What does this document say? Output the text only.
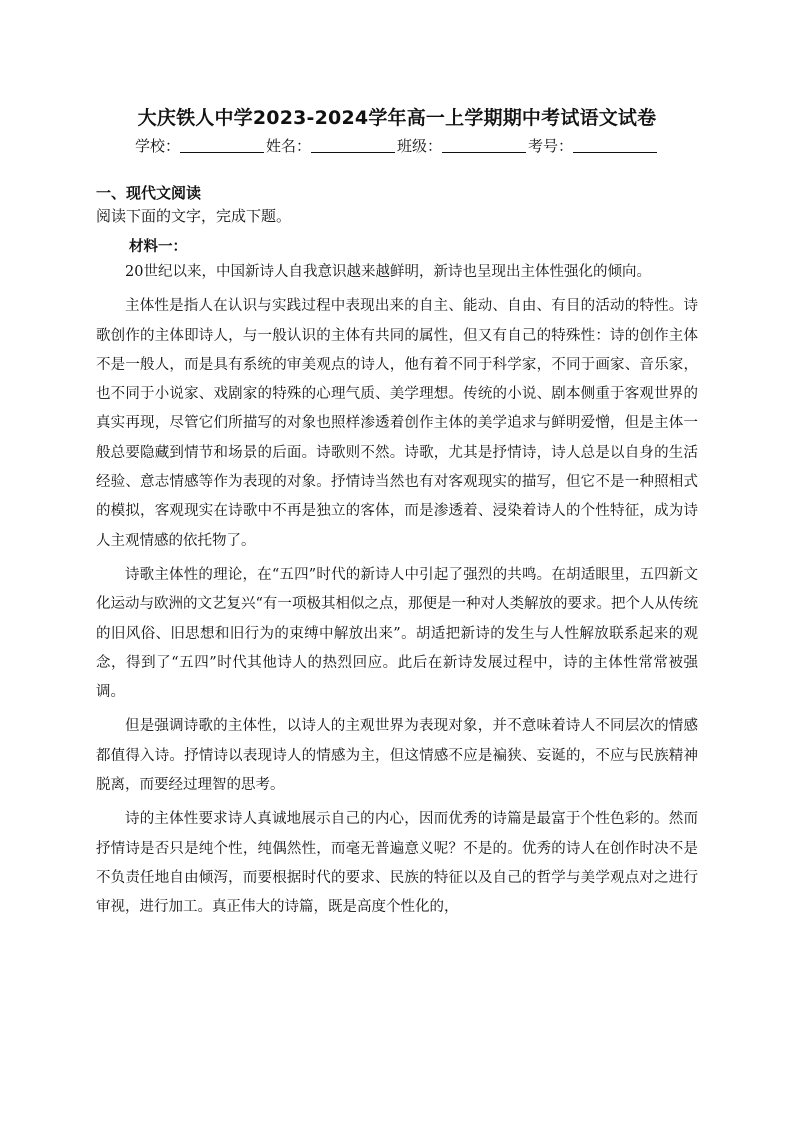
大庆铁人中学2023-2024学年高一上学期期中考试语文试卷
学校：	姓名：	班级：	考号：
一、现代文阅读

阅读下面的文字，完成下题。

材料一：

20世纪以来，中国新诗人自我意识越来越鲜明，新诗也呈现出主体性强化的倾向。

主体性是指人在认识与实践过程中表现出来的自主、能动、自由、有目的活动的特性。诗歌创作的主体即诗人，与一般认识的主体有共同的属性，但又有自己的特殊性：诗的创作主体不是一般人，而是具有系统的审美观点的诗人，他有着不同于科学家，不同于画家、音乐家，也不同于小说家、戏剧家的特殊的心理气质、美学理想。传统的小说、剧本侧重于客观世界的真实再现，尽管它们所描写的对象也照样渗透着创作主体的美学追求与鲜明爱憎，但是主体一般总要隐藏到情节和场景的后面。诗歌则不然。诗歌，尤其是抒情诗，诗人总是以自身的生活经验、意志情感等作为表现的对象。抒情诗当然也有对客观现实的描写，但它不是一种照相式的模拟，客观现实在诗歌中不再是独立的客体，而是渗透着、浸染着诗人的个性特征，成为诗人主观情感的依托物了。

诗歌主体性的理论，在“五四”时代的新诗人中引起了强烈的共鸣。在胡适眼里，五四新文化运动与欧洲的文艺复兴“有一项极其相似之点，那便是一种对人类解放的要求。把个人从传统的旧风俗、旧思想和旧行为的束缚中解放出来”。胡适把新诗的发生与人性解放联系起来的观念，得到了“五四”时代其他诗人的热烈回应。此后在新诗发展过程中，诗的主体性常常被强调。

但是强调诗歌的主体性，以诗人的主观世界为表现对象，并不意味着诗人不同层次的情感都值得入诗。抒情诗以表现诗人的情感为主，但这情感不应是褊狭、妄诞的，不应与民族精神脱离，而要经过理智的思考。

诗的主体性要求诗人真诚地展示自己的内心，因而优秀的诗篇是最富于个性色彩的。然而抒情诗是否只是纯个性，纯偶然性，而毫无普遍意义呢？不是的。优秀的诗人在创作时决不是不负责任地自由倾泻，而要根据时代的要求、民族的特征以及自己的哲学与美学观点对之进行审视，进行加工。真正伟大的诗篇，既是高度个性化的，
